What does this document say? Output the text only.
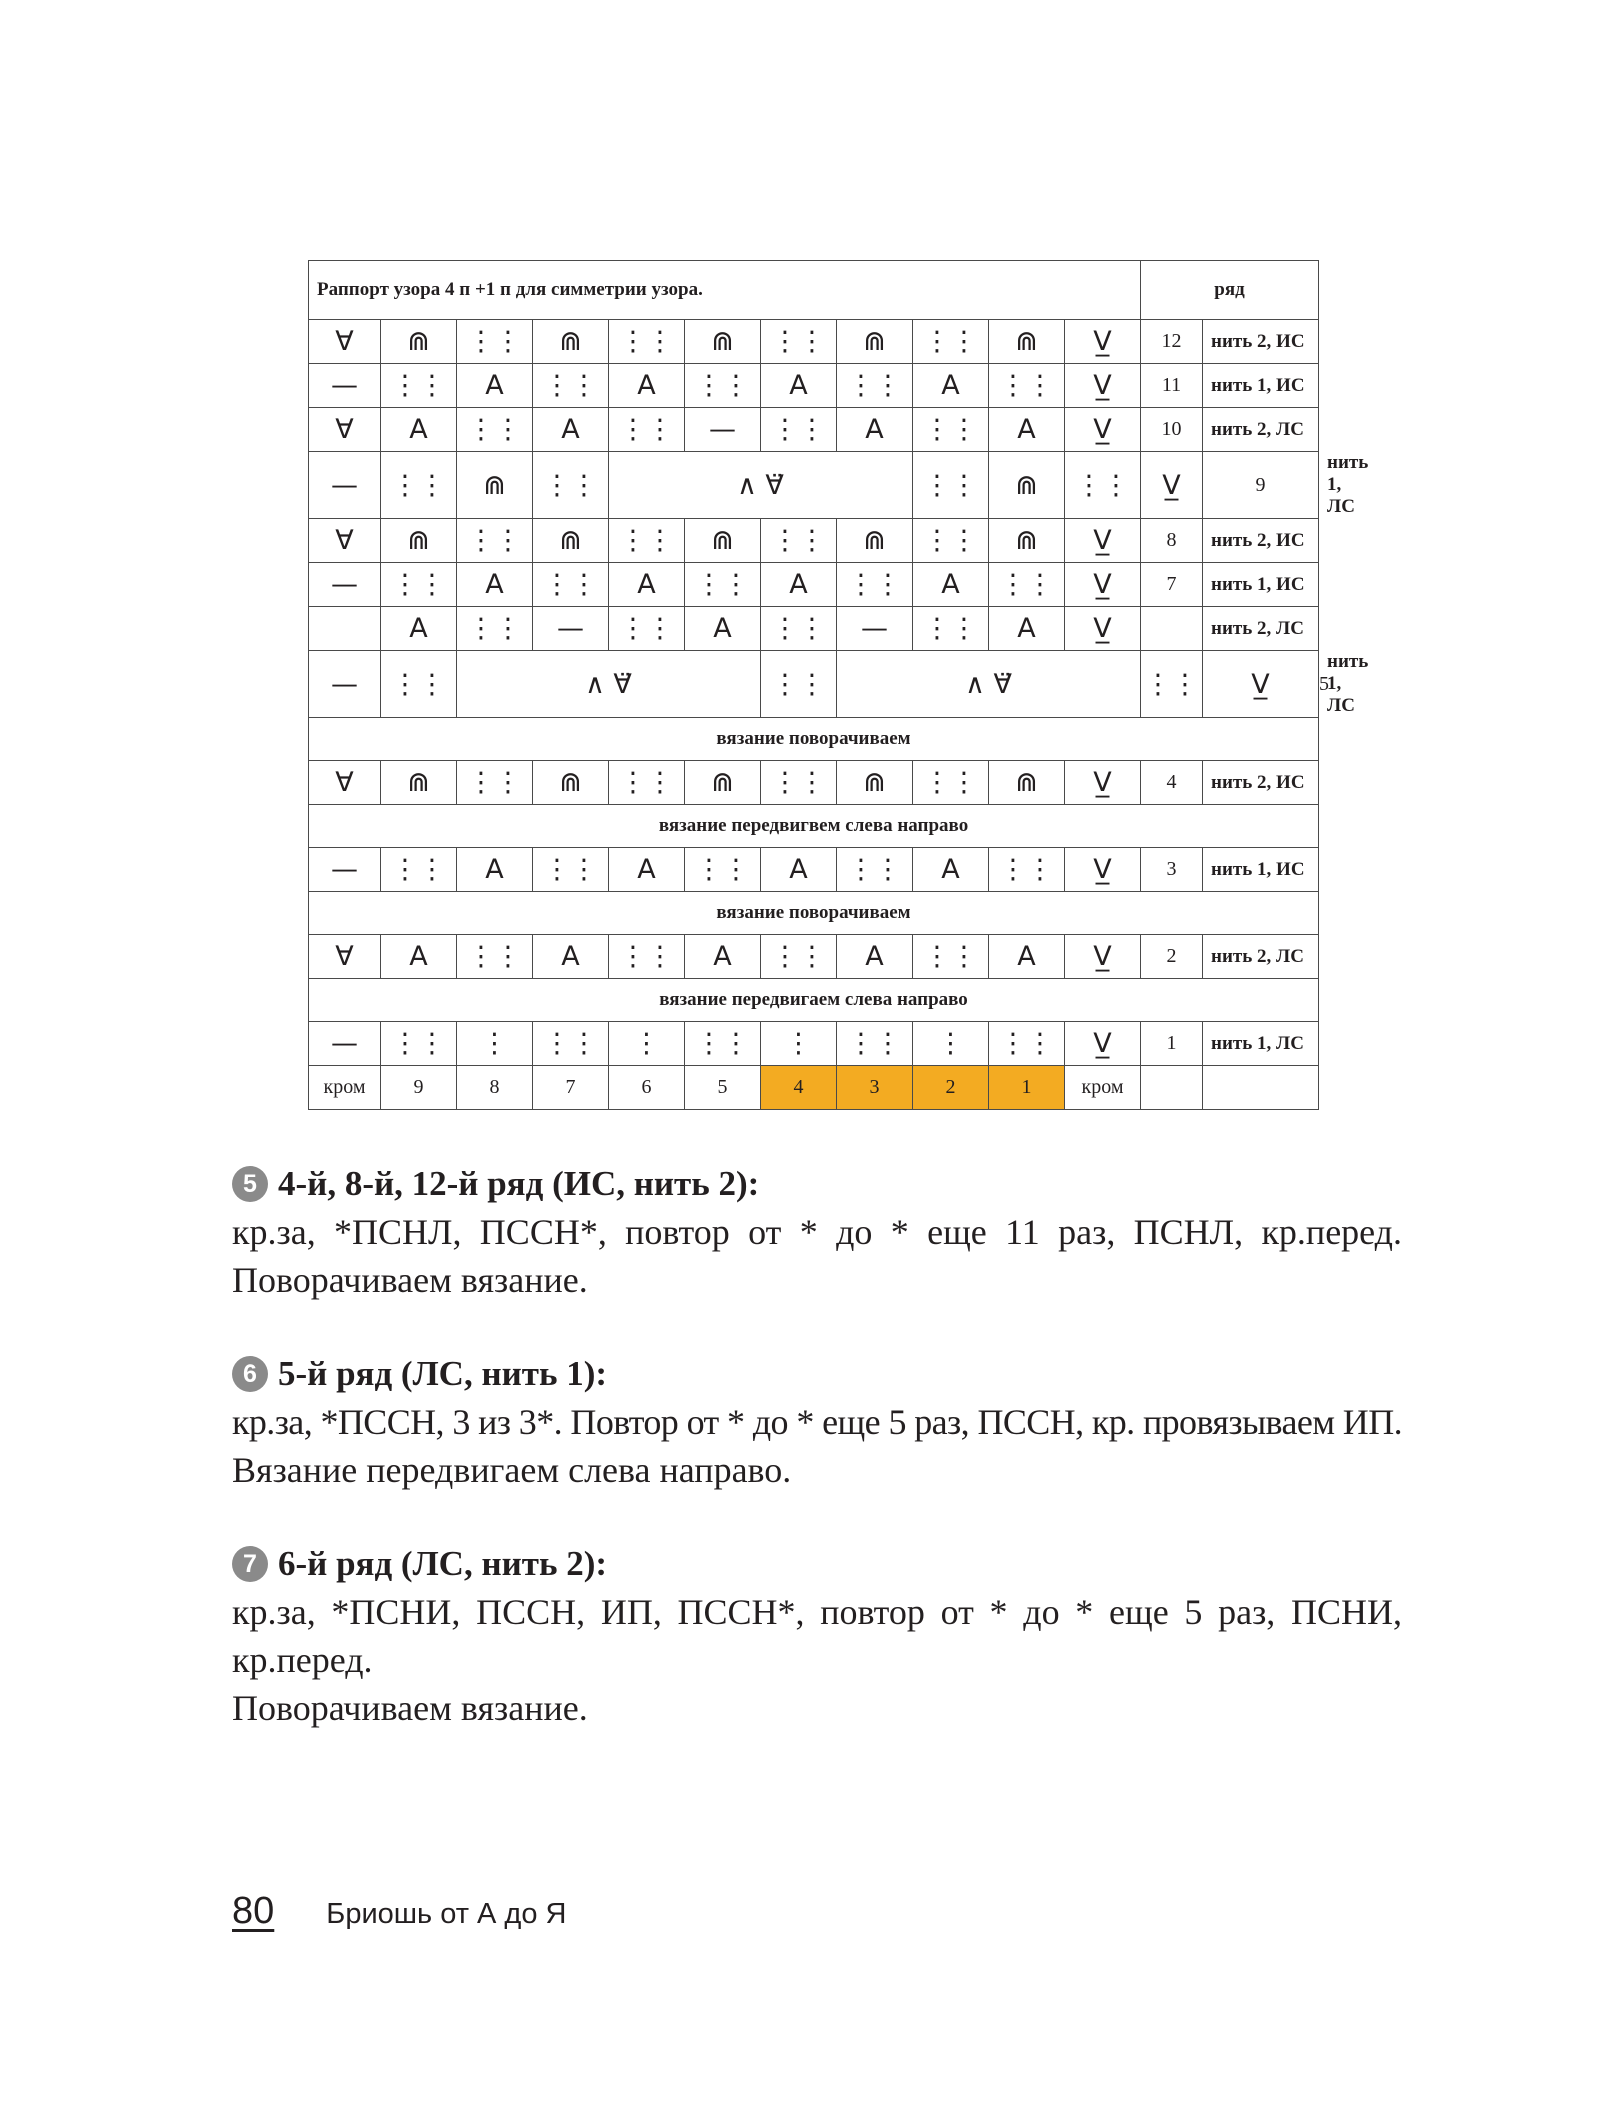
Раппорт узора 4 п +1 п для симметрии узора.											ряд		
∀	⋒	⋮⋮	⋒	⋮⋮	⋒	⋮⋮	⋒	⋮⋮	⋒	V̲	12	нить 2, ИС	
—	⋮⋮	A	⋮⋮	A	⋮⋮	A	⋮⋮	A	⋮⋮	V̲	11	нить 1, ИС	
∀	A	⋮⋮	A	⋮⋮	—	⋮⋮	A	⋮⋮	A	V̲	10	нить 2, ЛС	
—	⋮⋮	⋒	⋮⋮	∧ ∀̈				⋮⋮	⋒	⋮⋮	V̲	9	нить 1, ЛС
∀	⋒	⋮⋮	⋒	⋮⋮	⋒	⋮⋮	⋒	⋮⋮	⋒	V̲	8	нить 2, ИС	
—	⋮⋮	A	⋮⋮	A	⋮⋮	A	⋮⋮	A	⋮⋮	V̲	7	нить 1, ИС	
	A	⋮⋮	—	⋮⋮	A	⋮⋮	—	⋮⋮	A	V̲		нить 2, ЛС	
—	⋮⋮	∧ ∀̈				⋮⋮	∧ ∀̈				⋮⋮	V̲	5	нить 1, ЛС
вязание поворачиваем													
∀	⋒	⋮⋮	⋒	⋮⋮	⋒	⋮⋮	⋒	⋮⋮	⋒	V̲	4	нить 2, ИС	
вязание передвигвем слева направо													
—	⋮⋮	A	⋮⋮	A	⋮⋮	A	⋮⋮	A	⋮⋮	V̲	3	нить 1, ИС	
вязание поворачиваем													
∀	A	⋮⋮	A	⋮⋮	A	⋮⋮	A	⋮⋮	A	V̲	2	нить 2, ЛС	
вязание передвигаем слева направо													
—	⋮⋮	⋮	⋮⋮	⋮	⋮⋮	⋮	⋮⋮	⋮	⋮⋮	V̲	1	нить 1, ЛС	
кром	9	8	7	6	5	4	3	2	1	кром			
5 4-й, 8-й, 12-й ряд (ИС, нить 2):
кр.за, *ПСНЛ, ПССН*, повтор от * до * еще 11 раз, ПСНЛ, кр.перед.
Поворачиваем вязание.
6 5-й ряд (ЛС, нить 1):
кр.за, *ПССН, 3 из 3*. Повтор от * до * еще 5 раз, ПССН, кр. провязываем ИП.
Вязание передвигаем слева направо.
7 6-й ряд (ЛС, нить 2):
кр.за, *ПСНИ, ПССН, ИП, ПССН*, повтор от * до * еще 5 раз, ПСНИ,
кр.перед.
Поворачиваем вязание.
80 Бриошь от А до Я
